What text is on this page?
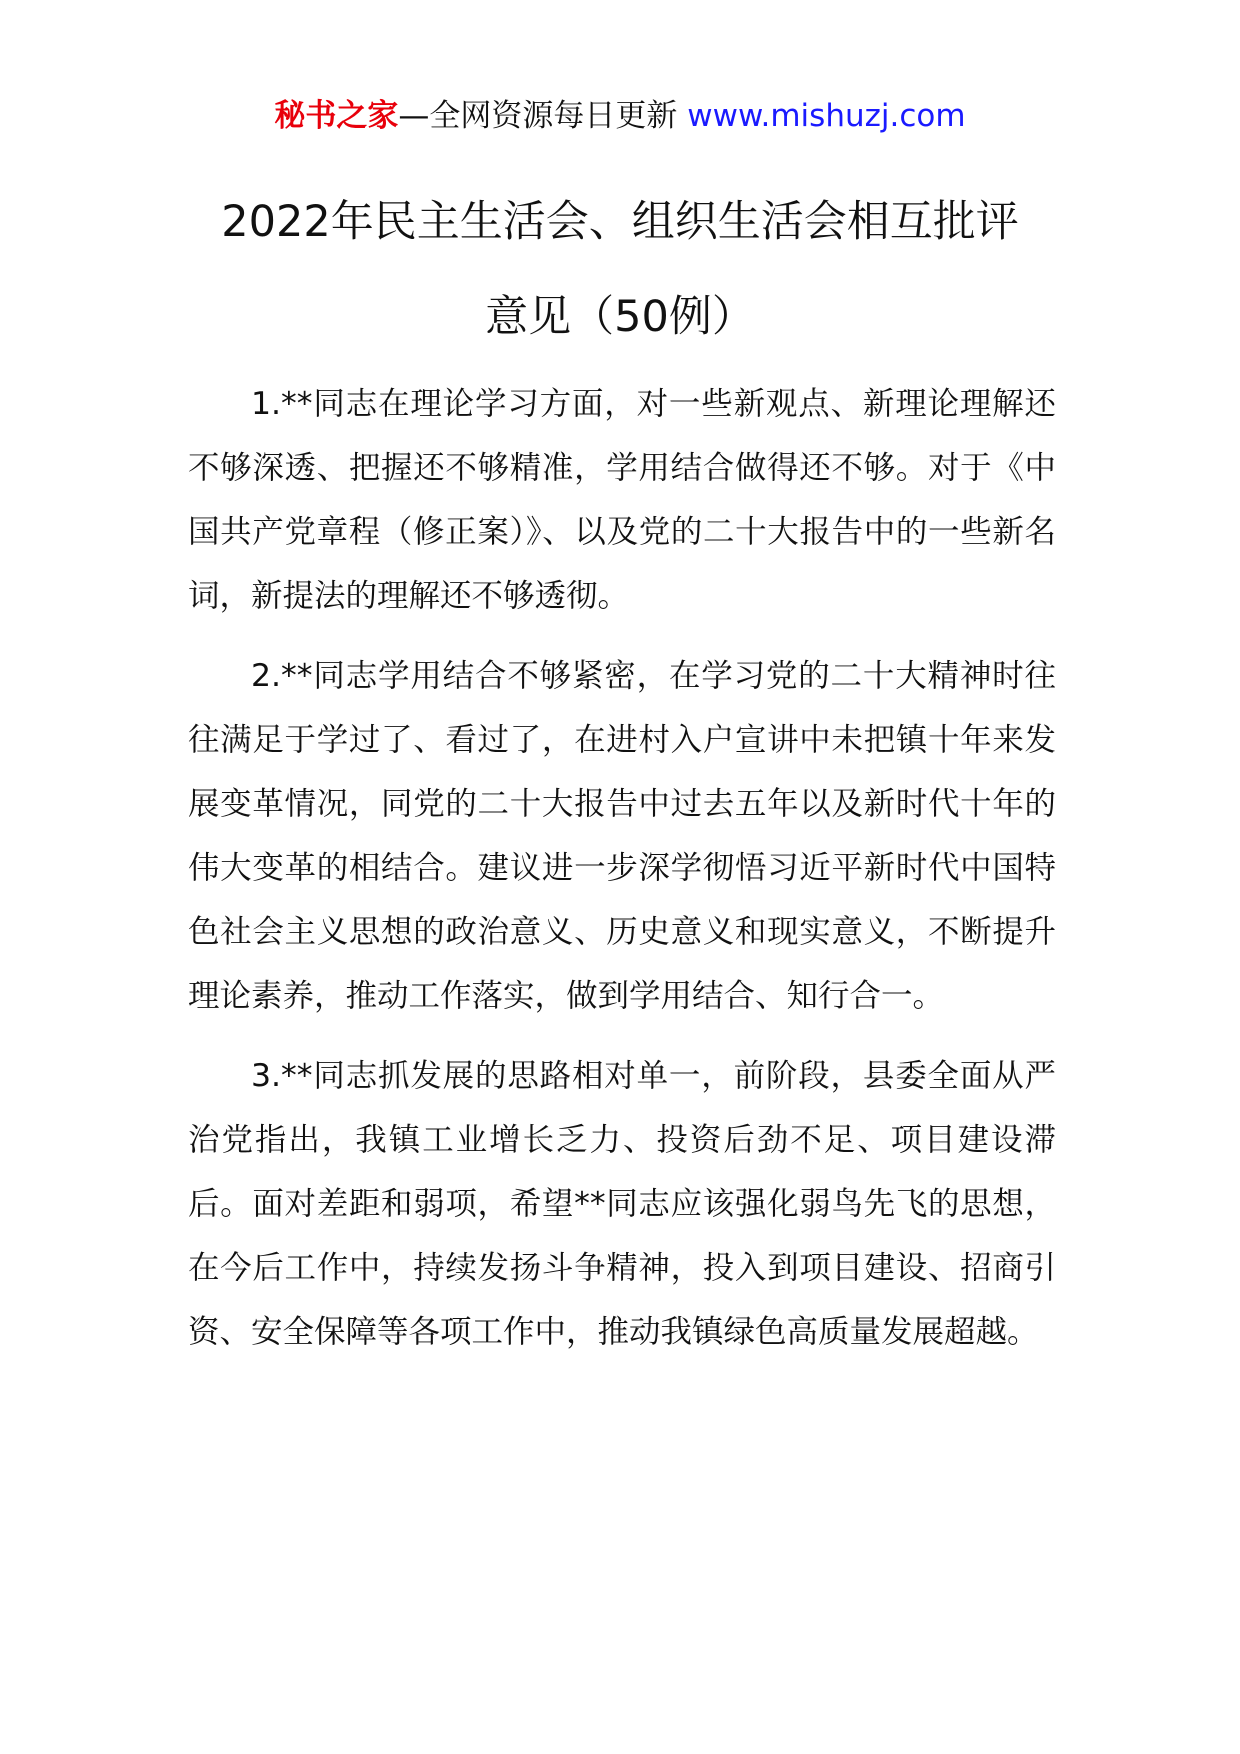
秘书之家—全网资源每日更新 www.mishuzj.com
2022年民主生活会、组织生活会相互批评
意见（50例）

1.**同志在理论学习方面，对一些新观点、新理论理解还不够深透、把握还不够精准，学用结合做得还不够。对于《中国共产党章程（修正案）》、以及党的二十大报告中的一些新名词，新提法的理解还不够透彻。

2.**同志学用结合不够紧密，在学习党的二十大精神时往往满足于学过了、看过了，在进村入户宣讲中未把镇十年来发展变革情况，同党的二十大报告中过去五年以及新时代十年的伟大变革的相结合。建议进一步深学彻悟习近平新时代中国特色社会主义思想的政治意义、历史意义和现实意义，不断提升理论素养，推动工作落实，做到学用结合、知行合一。

3.**同志抓发展的思路相对单一，前阶段，县委全面从严治党指出，我镇工业增长乏力、投资后劲不足、项目建设滞后。面对差距和弱项，希望**同志应该强化弱鸟先飞的思想，在今后工作中，持续发扬斗争精神，投入到项目建设、招商引资、安全保障等各项工作中，推动我镇绿色高质量发展超越。
